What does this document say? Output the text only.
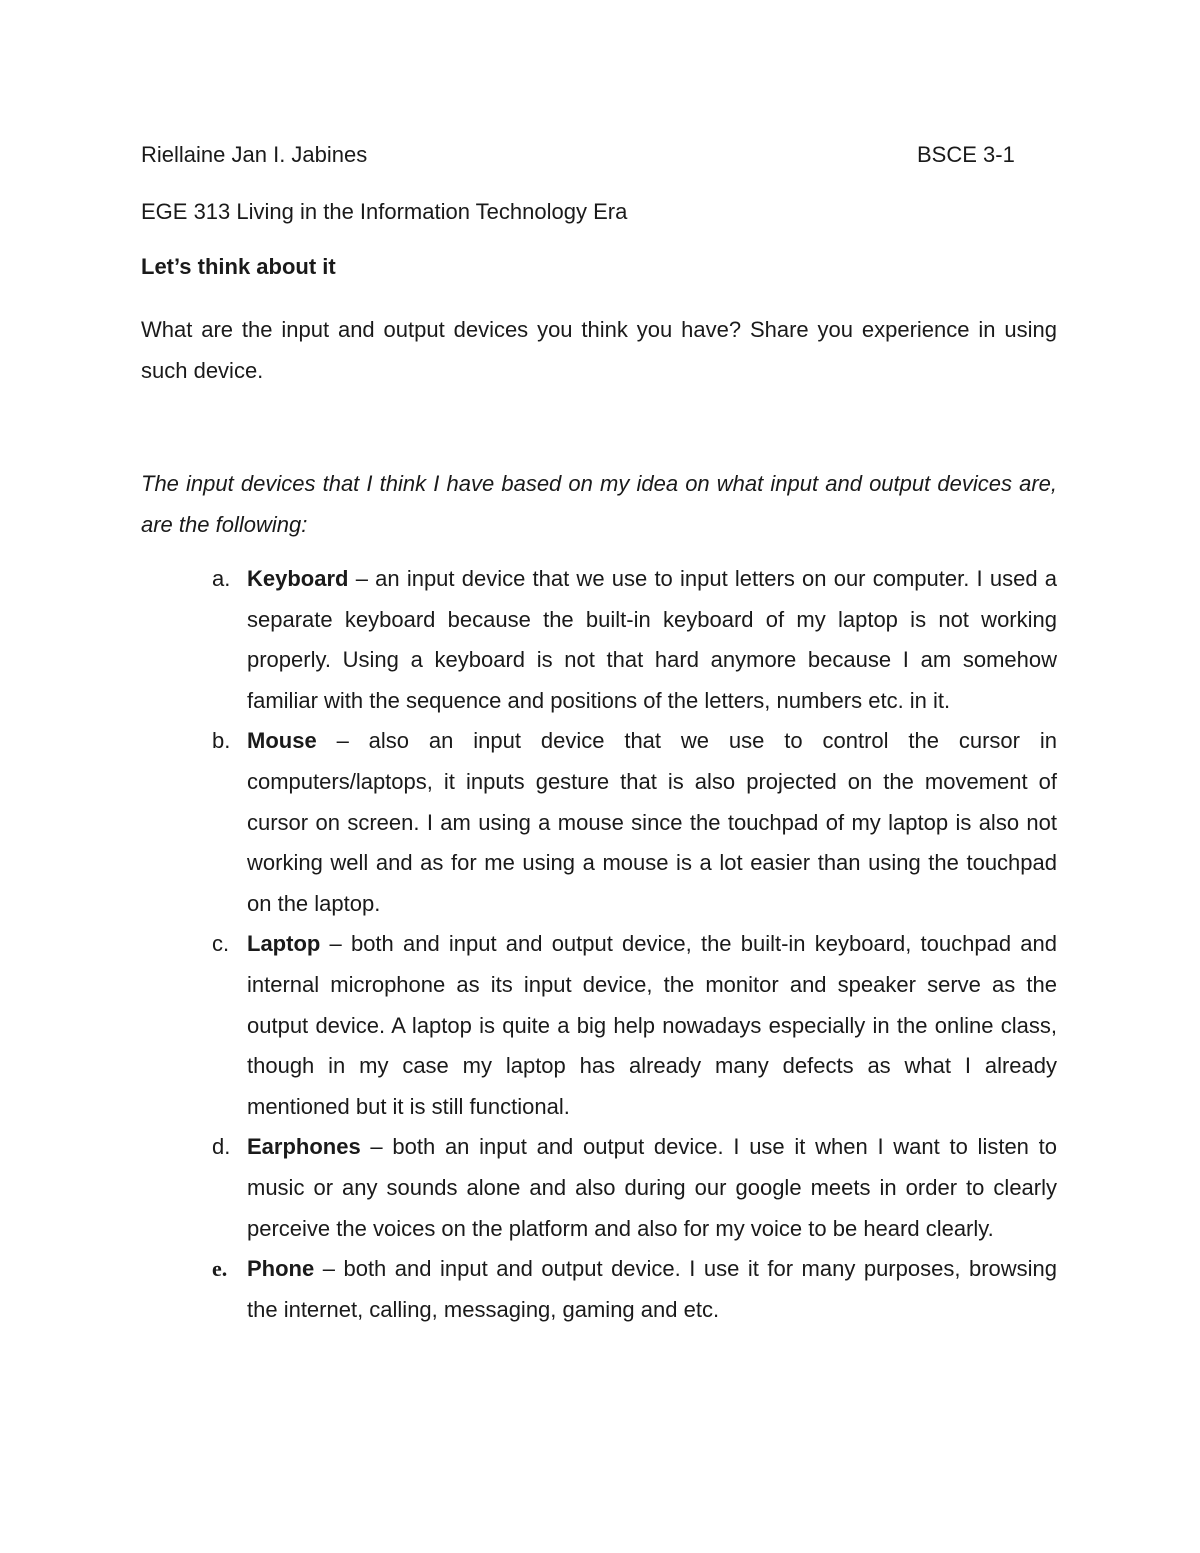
Riellaine Jan I. Jabines	BSCE 3-1
EGE 313 Living in the Information Technology Era
Let’s think about it
What are the input and output devices you think you have? Share you experience in using such device.
The input devices that I think I have based on my idea on what input and output devices are, are the following:
a. Keyboard – an input device that we use to input letters on our computer. I used a separate keyboard because the built-in keyboard of my laptop is not working properly. Using a keyboard is not that hard anymore because I am somehow familiar with the sequence and positions of the letters, numbers etc. in it.
b. Mouse – also an input device that we use to control the cursor in computers/laptops, it inputs gesture that is also projected on the movement of cursor on screen. I am using a mouse since the touchpad of my laptop is also not working well and as for me using a mouse is a lot easier than using the touchpad on the laptop.
c. Laptop – both and input and output device, the built-in keyboard, touchpad and internal microphone as its input device, the monitor and speaker serve as the output device. A laptop is quite a big help nowadays especially in the online class, though in my case my laptop has already many defects as what I already mentioned but it is still functional.
d. Earphones – both an input and output device. I use it when I want to listen to music or any sounds alone and also during our google meets in order to clearly perceive the voices on the platform and also for my voice to be heard clearly.
e. Phone – both and input and output device. I use it for many purposes, browsing the internet, calling, messaging, gaming and etc.
